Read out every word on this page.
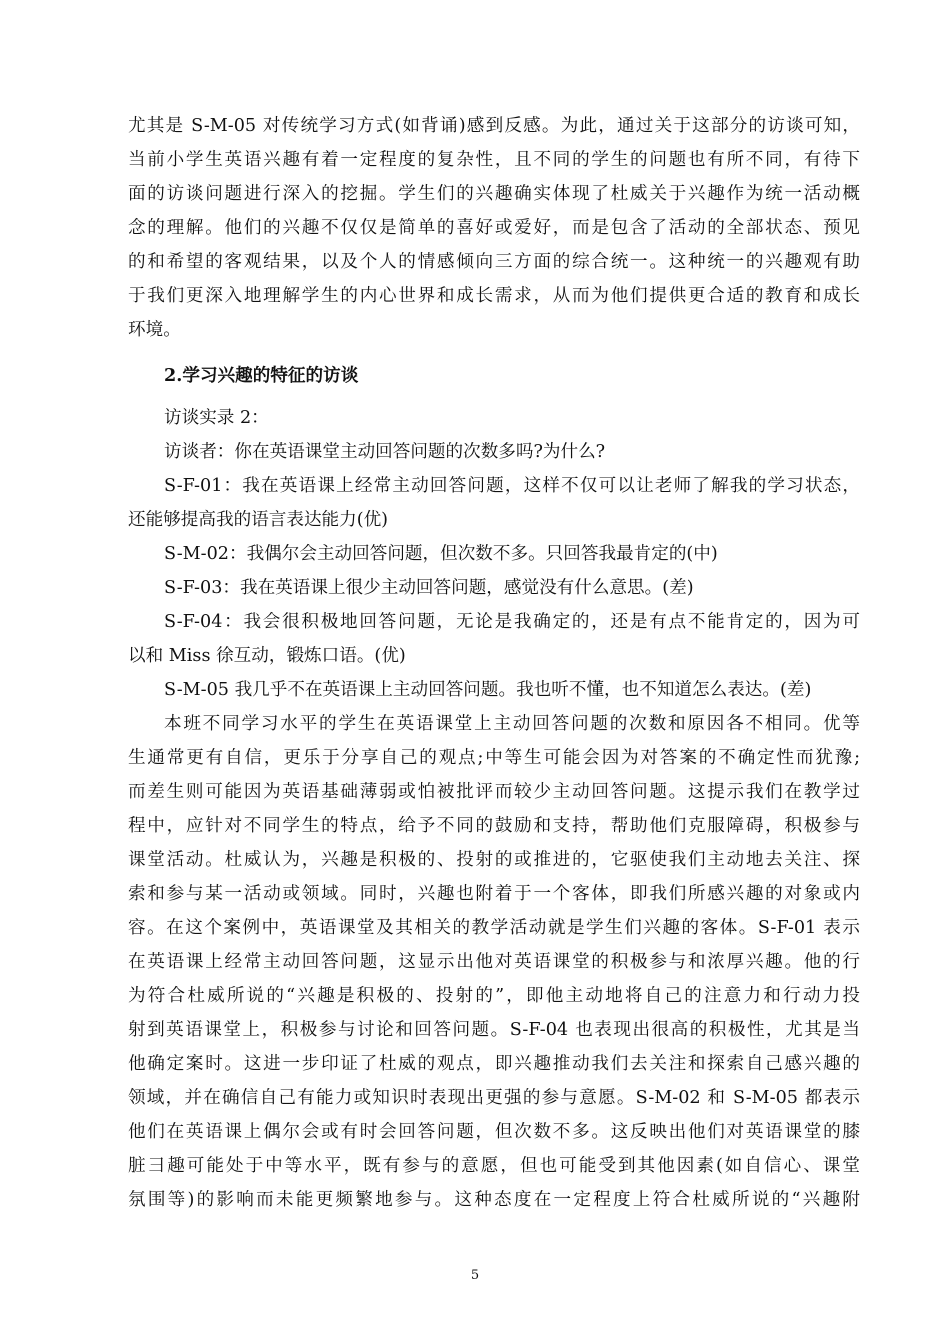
尤其是 S-M-05 对传统学习方式(如背诵)感到反感。为此，通过关于这部分的访谈可知，
当前小学生英语兴趣有着一定程度的复杂性，且不同的学生的问题也有所不同，有待下
面的访谈问题进行深入的挖掘。学生们的兴趣确实体现了杜威关于兴趣作为统一活动概
念的理解。他们的兴趣不仅仅是简单的喜好或爱好，而是包含了活动的全部状态、预见
的和希望的客观结果，以及个人的情感倾向三方面的综合统一。这种统一的兴趣观有助
于我们更深入地理解学生的内心世界和成长需求，从而为他们提供更合适的教育和成长
环境。
2.学习兴趣的特征的访谈
访谈实录 2：
访谈者：你在英语课堂主动回答问题的次数多吗?为什么?
S-F-01：我在英语课上经常主动回答问题，这样不仅可以让老师了解我的学习状态，
还能够提高我的语言表达能力(优)
S-M-02：我偶尔会主动回答问题，但次数不多。只回答我最肯定的(中)
S-F-03：我在英语课上很少主动回答问题，感觉没有什么意思。(差)
S-F-04：我会很积极地回答问题，无论是我确定的，还是有点不能肯定的，因为可
以和 Miss 徐互动，锻炼口语。(优)
S-M-05 我几乎不在英语课上主动回答问题。我也听不懂，也不知道怎么表达。(差)
本班不同学习水平的学生在英语课堂上主动回答问题的次数和原因各不相同。优等
生通常更有自信，更乐于分享自己的观点;中等生可能会因为对答案的不确定性而犹豫;
而差生则可能因为英语基础薄弱或怕被批评而较少主动回答问题。这提示我们在教学过
程中，应针对不同学生的特点，给予不同的鼓励和支持，帮助他们克服障碍，积极参与
课堂活动。杜威认为，兴趣是积极的、投射的或推进的，它驱使我们主动地去关注、探
索和参与某一活动或领域。同时，兴趣也附着于一个客体，即我们所感兴趣的对象或内
容。在这个案例中，英语课堂及其相关的教学活动就是学生们兴趣的客体。S-F-01 表示
在英语课上经常主动回答问题，这显示出他对英语课堂的积极参与和浓厚兴趣。他的行
为符合杜威所说的“兴趣是积极的、投射的”，即他主动地将自己的注意力和行动力投
射到英语课堂上，积极参与讨论和回答问题。S-F-04 也表现出很高的积极性，尤其是当
他确定案时。这进一步印证了杜威的观点，即兴趣推动我们去关注和探索自己感兴趣的
领域，并在确信自己有能力或知识时表现出更强的参与意愿。S-M-02 和 S-M-05 都表示
他们在英语课上偶尔会或有时会回答问题，但次数不多。这反映出他们对英语课堂的膝
脏彐趣可能处于中等水平，既有参与的意愿，但也可能受到其他因素(如自信心、课堂
氛围等)的影响而未能更频繁地参与。这种态度在一定程度上符合杜威所说的“兴趣附
5
